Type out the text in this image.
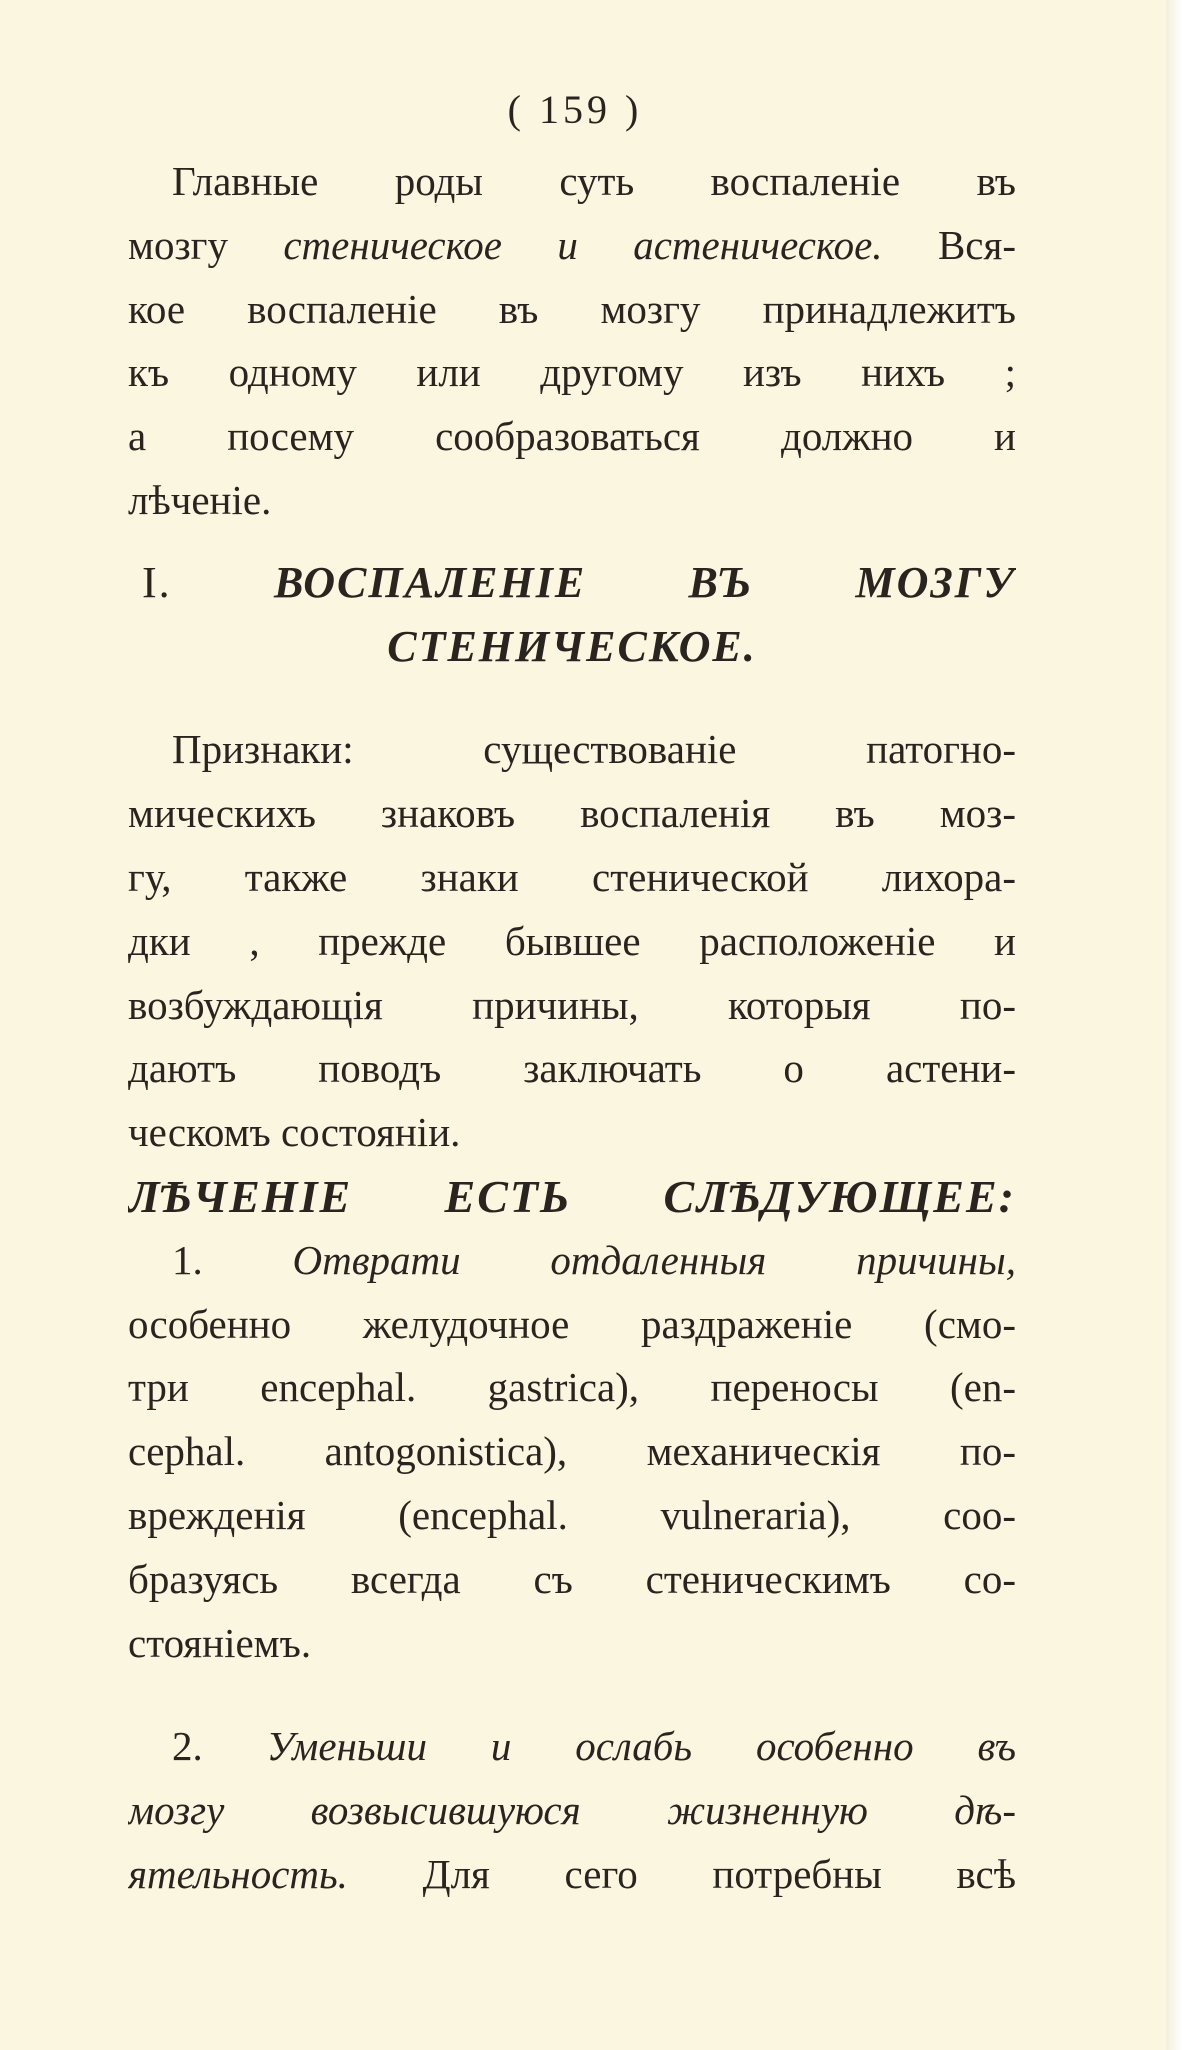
( 159 )
Главные роды суть воспаленіе въ
мозгу стеническое и астеническое. Вся-
кое воспаленіе въ мозгу принадлежитъ
къ одному или другому изъ нихъ ;
а посему сообразоваться должно и
лѣченіе.
I. ВОСПАЛЕНІЕ ВЪ МОЗГУ
СТЕНИЧЕСКОЕ.
Признаки: существованіе патогно-
мическихъ знаковъ воспаленія въ моз-
гу, также знаки стенической лихора-
дки , прежде бывшее расположеніе и
возбуждающія причины, которыя по-
даютъ поводъ заключать о астени-
ческомъ состояніи.
ЛѢЧЕНІЕ ЕСТЬ СЛѢДУЮЩЕЕ:
1. Отврати отдаленныя причины,
особенно желудочное раздраженіе (смо-
три encephal. gastrica), переносы (en-
cephal. antogonistica), механическія по-
врежденія (encephal. vulneraria), соо-
бразуясь всегда съ стеническимъ со-
стояніемъ.
2. Уменьши и ослабь особенно въ
мозгу возвысившуюся жизненную дѣ-
ятельность. Для сего потребны всѣ
